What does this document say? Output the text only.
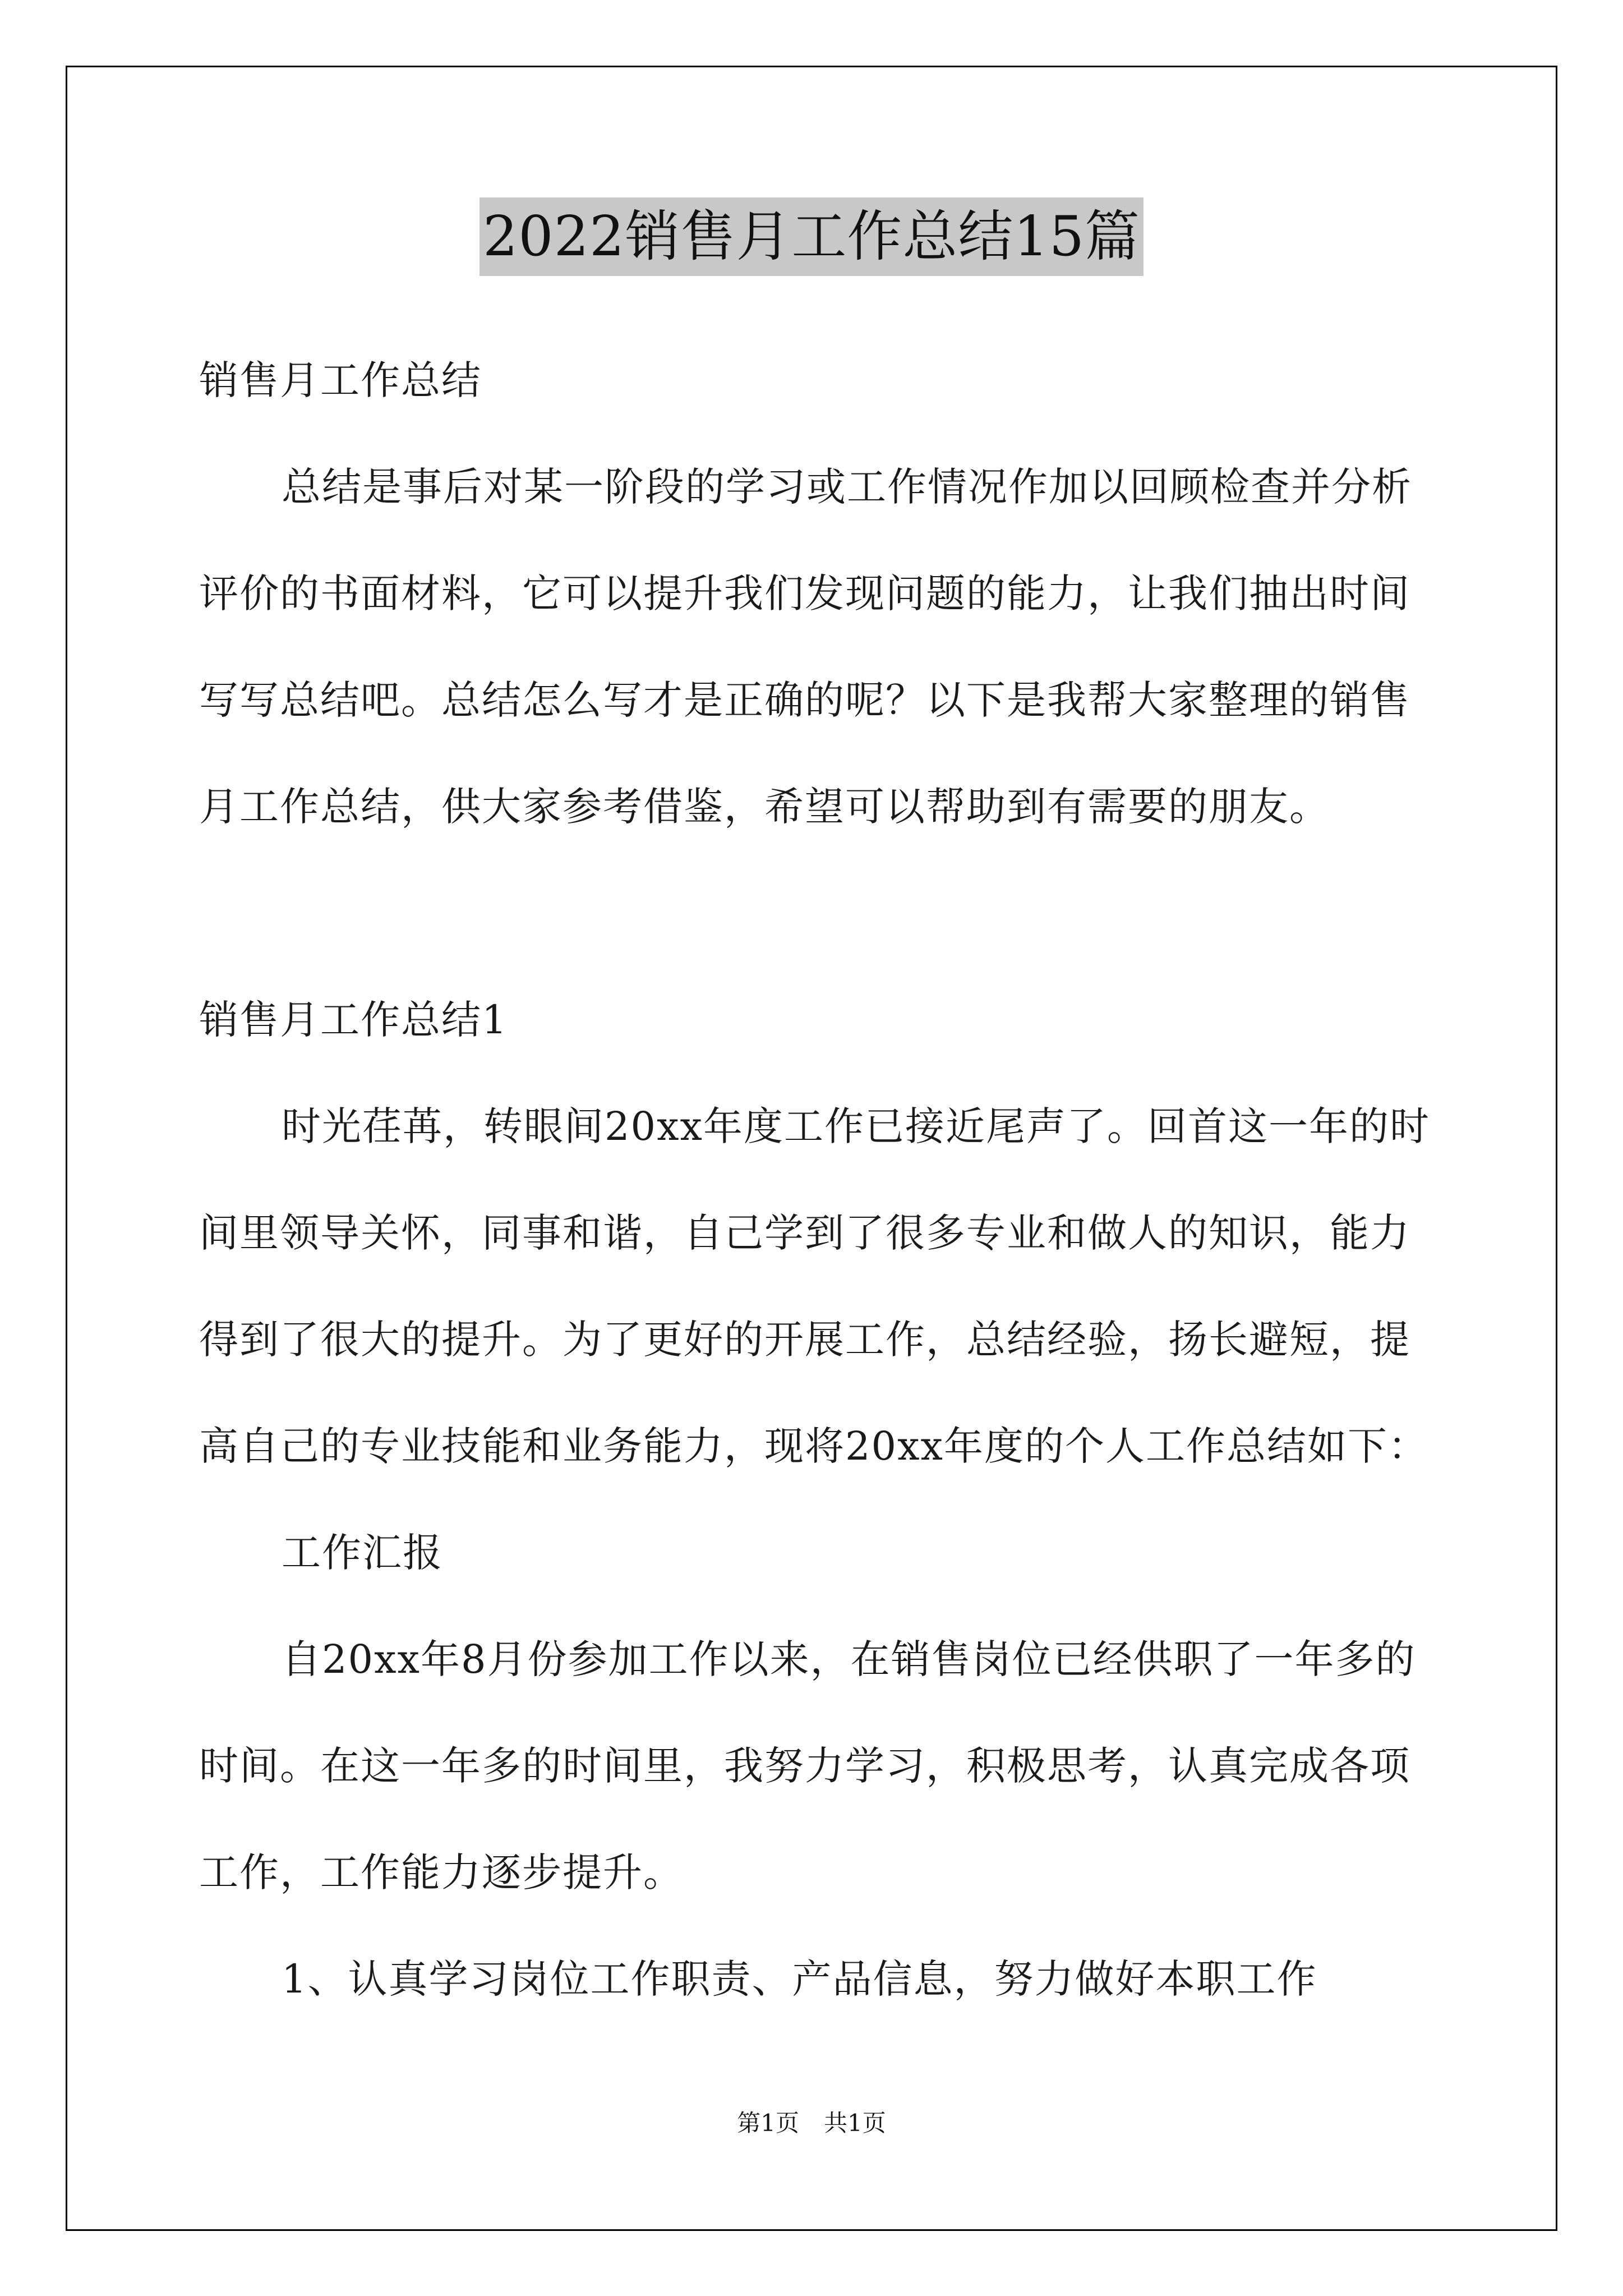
2022销售月工作总结15篇
销售月工作总结
总结是事后对某一阶段的学习或工作情况作加以回顾检查并分析
评价的书面材料，它可以提升我们发现问题的能力，让我们抽出时间
写写总结吧。总结怎么写才是正确的呢？以下是我帮大家整理的销售
月工作总结，供大家参考借鉴，希望可以帮助到有需要的朋友。
销售月工作总结1
时光荏苒，转眼间20xx年度工作已接近尾声了。回首这一年的时
间里领导关怀，同事和谐，自己学到了很多专业和做人的知识，能力
得到了很大的提升。为了更好的开展工作，总结经验，扬长避短，提
高自己的专业技能和业务能力，现将20xx年度的个人工作总结如下：
工作汇报
自20xx年8月份参加工作以来，在销售岗位已经供职了一年多的
时间。在这一年多的时间里，我努力学习，积极思考，认真完成各项
工作，工作能力逐步提升。
1、认真学习岗位工作职责、产品信息，努力做好本职工作
第1页 共1页
